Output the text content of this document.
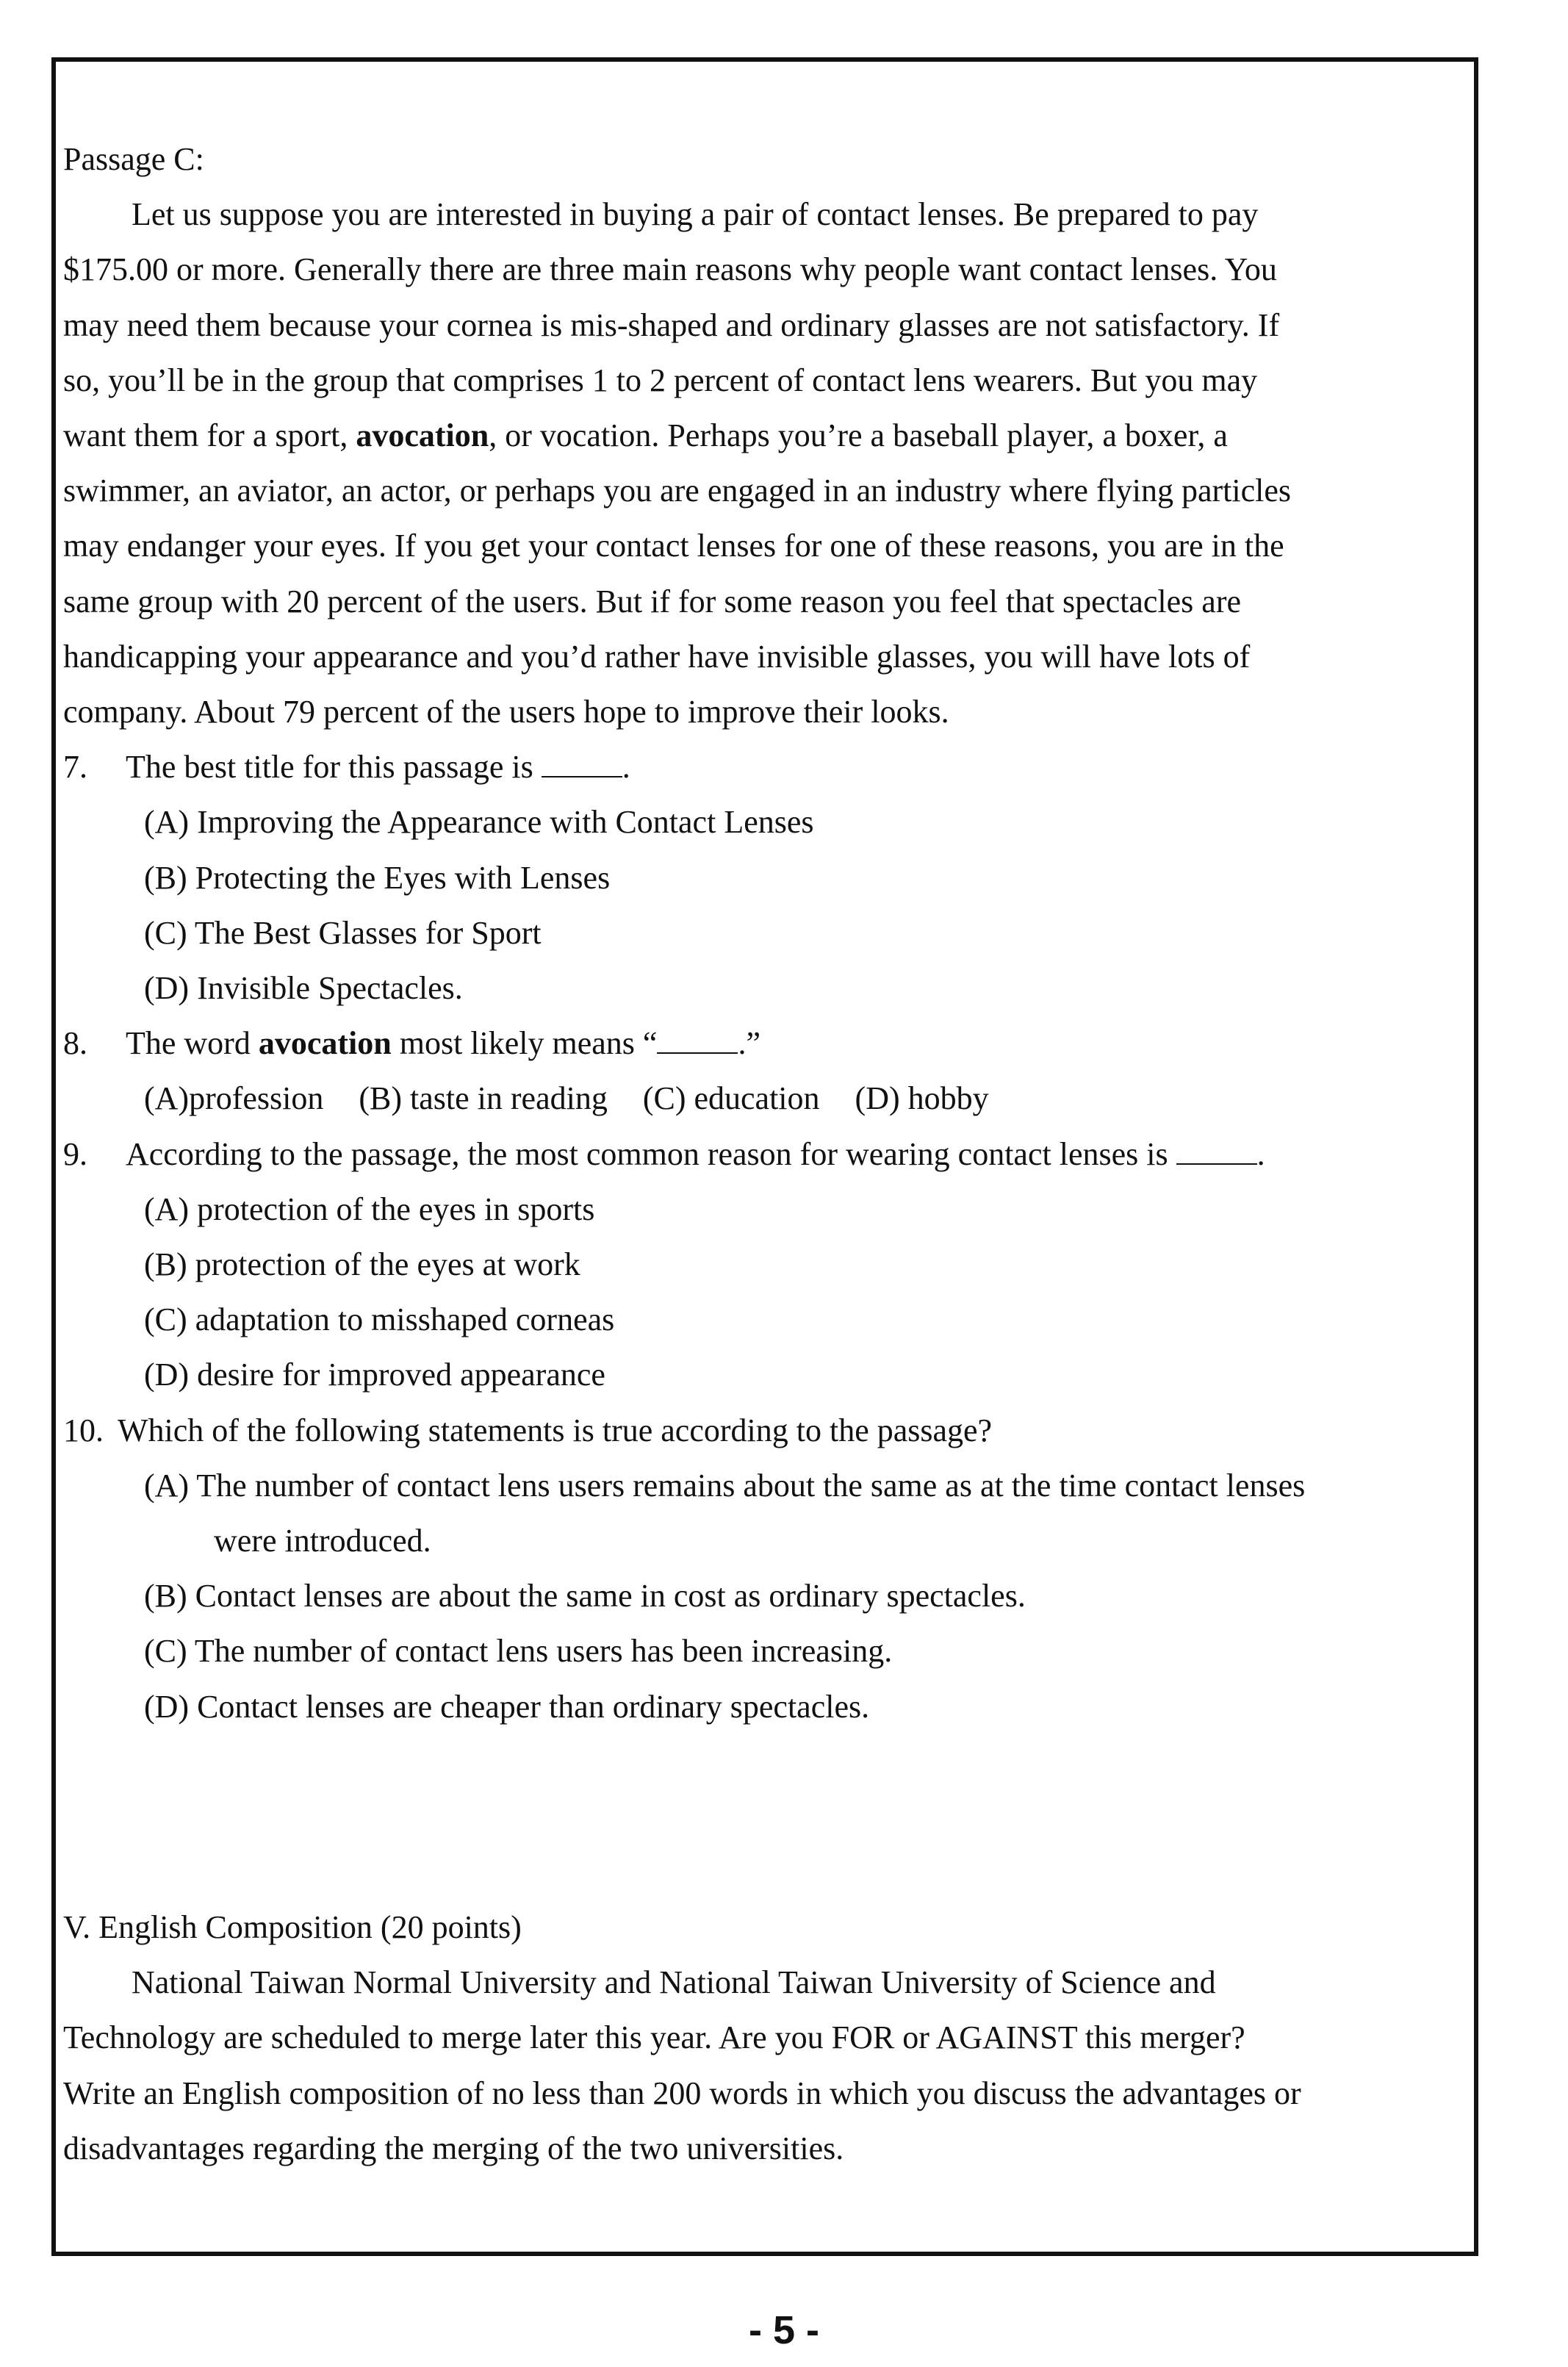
Passage C:
Let us suppose you are interested in buying a pair of contact lenses. Be prepared to pay
$175.00 or more. Generally there are three main reasons why people want contact lenses. You
may need them because your cornea is mis-shaped and ordinary glasses are not satisfactory. If
so, you’ll be in the group that comprises 1 to 2 percent of contact lens wearers. But you may
want them for a sport, avocation, or vocation. Perhaps you’re a baseball player, a boxer, a
swimmer, an aviator, an actor, or perhaps you are engaged in an industry where flying particles
may endanger your eyes. If you get your contact lenses for one of these reasons, you are in the
same group with 20 percent of the users. But if for some reason you feel that spectacles are
handicapping your appearance and you’d rather have invisible glasses, you will have lots of
company. About 79 percent of the users hope to improve their looks.
7. The best title for this passage is	.
(A) Improving the Appearance with Contact Lenses
(B) Protecting the Eyes with Lenses
(C) The Best Glasses for Sport
(D) Invisible Spectacles.
8. The word avocation most likely means “	.”
(A)profession (B) taste in reading (C) education (D) hobby
9. According to the passage, the most common reason for wearing contact lenses is	.
(A) protection of the eyes in sports
(B) protection of the eyes at work
(C) adaptation to misshaped corneas
(D) desire for improved appearance
10. Which of the following statements is true according to the passage?
(A) The number of contact lens users remains about the same as at the time contact lenses
were introduced.
(B) Contact lenses are about the same in cost as ordinary spectacles.
(C) The number of contact lens users has been increasing.
(D) Contact lenses are cheaper than ordinary spectacles.
V. English Composition (20 points)
National Taiwan Normal University and National Taiwan University of Science and
Technology are scheduled to merge later this year. Are you FOR or AGAINST this merger?
Write an English composition of no less than 200 words in which you discuss the advantages or
disadvantages regarding the merging of the two universities.
- 5 -
